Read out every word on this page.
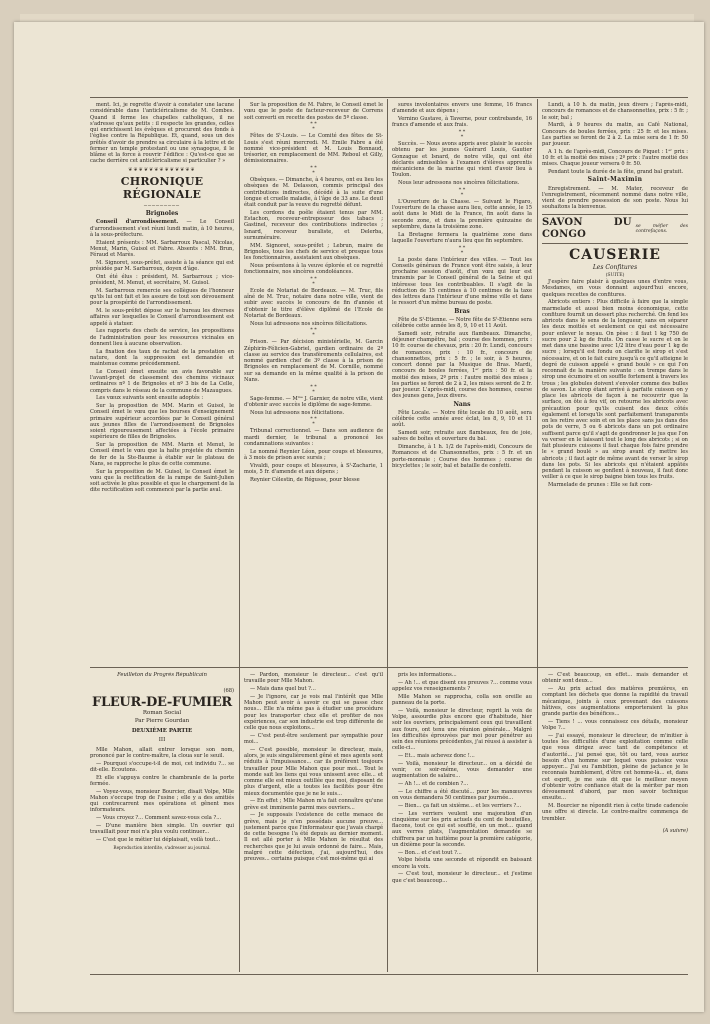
ment. Ici, je regrette d'avoir à constater une lacune considérable dans l'anticléricalisme de M. Combes. Quand il ferme les chapelles catholiques, il ne s'adresse qu'aux petits : il respecte les grandes, celles qui enrichissent les évêques et procurent des fonds à l'église contre la République. Et, quand, sous un des prêtés d'avoir de prendre sa circulaire à la lettre et de fermer un temple protestant ou une synagogue, il le blâme et la force à rouvrir l'édifice : Qu'est-ce que se cache derrière cet anticléricalisme si particulier ? »

❦❦❦❦❦❦❦❦❦❦❦❦❦
CHRONIQUE RÉGIONALE
─────────
Brignoles

Conseil d'arrondissement. — Le Conseil d'arrondissement s'est réuni lundi matin, à 10 heures, à la sous-préfecture.

Etaient présents : MM. Sarbarroux Pascal, Nicolas, Menut, Marin, Guisol et Fabre. Absents : MM. Brun, Féraud et Marès.

M. Signoret, sous-préfet, assiste à la séance qui est présidée par M. Sarbarroux, doyen d'âge.

Ont été élus : président, M. Sarbarroux ; vice-président, M. Menut, et secrétaire, M. Guisol.

M. Sarbarroux remercie ses collègues de l'honneur qu'ils lui ont fait et les assure de tout son dévouement pour la prospérité de l'arrondissement.

M. le sous-préfet dépose sur le bureau les diverses affaires sur lesquelles le Conseil d'arrondissement est appelé à statuer.

Les rapports des chefs de service, les propositions de l'administration pour les ressources vicinales en donnent lieu à aucune observation.

La fixation des taux de rachat de la prestation en nature, dont la suppression est demandée et maintenue comme précédemment.

Le Conseil émet ensuite un avis favorable sur l'avant-projet de classement des chemins vicinaux ordinaires nº 1 de Brignoles et nº 3 bis de La Celle, compris dans le réseau de la commune de Mazaugues.

Les vœux suivants sont ensuite adoptés :

Sur la proposition de MM. Marin et Guisol, le Conseil émet le vœu que les bourses d'enseignement primaire supérieur accordées par le Conseil général aux jeunes filles de l'arrondissement de Brignoles soient rigoureusement affectées à l'école primaire supérieure de filles de Brignoles.

Sur la proposition de MM. Marin et Menut, le Conseil émet le vœu que la halte projetée du chemin de fer de la Ste-Baume à établir sur le plateau de Nans, se rapproche le plus de cette commune.

Sur la proposition de M. Guisol, le Conseil émet le vœu que la rectification de la rampe de Saint-Julien soit activée le plus possible et que le chargement de la dite rectification soit commencé par la partie aval.

Sur la proposition de M. Fabre, le Conseil émet le vœu que le poste de facteur-receveur de Correns soit converti en recette des postes de 5º classe.

* *
*

Fêtes de Sᵗ-Louis. — Le Comité des fêtes de St-Louis s'est réuni mercredi. M. Emile Fabre a été nommé vice-président et M. Louis Bonnaud, trésorier, en remplacement de MM. Reboul et Gilly, démissionnaires.

* *
*

Obsèques. — Dimanche, à 4 heures, ont eu lieu les obsèques de M. Delasson, commis principal des contributions indirectes, décédé à la suite d'une longue et cruelle maladie, à l'âge de 33 ans. Le deuil était conduit par la veuve du regretté défunt.

Les cordons du poêle étaient tenus par MM. Estachon, receveur-entreposeur des tabacs ; Gastinel, receveur des contributions indirectes ; Isnard, receveur buraliste, et Delerba, surnuméraire.

MM. Signoret, sous-préfet ; Lebrun, maire de Brignoles, tous les chefs de service et presque tous les fonctionnaires, assistaient aux obsèques.

Nous présentons à la veuve éplorée et ce regretté fonctionnaire, nos sincères condoléances.

* *
*

Ecole de Notariat de Bordeaux. — M. Truc, fils aîné de M. Truc, notaire dans notre ville, vient de subir avec succès le concours de fin d'année et d'obtenir le titre d'élève diplômé de l'Ecole de Notariat de Bordeaux.

Nous lui adressons nos sincères félicitations.

* *
*

Prison. — Par décision ministérielle, M. Garcin Zéphirin-Félicien-Gabriel, gardien ordinaire de 2º classe au service des transfèrements cellulaires, est nommé gardien chef de 3º classe à la prison de Brignoles en remplacement de M. Cornille, nommé sur sa demande en la même qualité à la prison de Nans.

* *
*

Sage-femme. — Mᵐᵉ J. Garnier, de notre ville, vient d'obtenir avec succès le diplôme de sage-femme.

Nous lui adressons nos félicitations.

* *
*

Tribunal correctionnel. — Dans son audience de mardi dernier, le tribunal a prononcé les condamnations suivantes :

Le nommé Reynier Léon, pour coups et blessures, à 3 mois de prison avec sursis ;

Vivaldi, pour coups et blessures, à Sᵗ-Zacharie, 1 mois, 5 fr. d'amende et aux dépens ;

Reynier Célestin, de Régusse, pour blesse

sures involontaires envers une femme, 16 francs d'amende et aux dépens ;

Vernino Gustave, à Taverne, pour contrebande, 16 francs d'amende et aux frais.

* *
*

Succès. — Nous avons appris avec plaisir le succès obtenu par les jeunes Guérard Louis, Gautier Gonzague et Isnard, de notre ville, qui ont été déclarés admissibles à l'examen d'élèves apprentis mécaniciens de la marine qui vient d'avoir lieu à Toulon.

Nous leur adressons nos sincères félicitations.

* *
*

L'Ouverture de la Chasse. — Suivant le Figaro, l'ouverture de la chasse aura lieu, cette année, le 15 août dans le Midi de la France, fin août dans la seconde zone, et dans la première quinzaine de septembre, dans la troisième zone.

La Bretagne fermera la quatrième zone dans laquelle l'ouverture n'aura lieu que fin septembre.

* *
*

La poste dans l'intérieur des villes. — Tout les Conseils généraux de France vont être saisis, à leur prochaine session d'août, d'un vœu qui leur est transmis par le Conseil général de la Seine et qui intéresse tous les contribuables. Il s'agit de la réduction de 15 centimes à 10 centimes de la taxe des lettres dans l'intérieur d'une même ville et dans le ressort d'un même bureau de poste.

Bras

Fête de Sᵗ-Etienne. — Notre fête de Sᵗ-Etienne sera célébrée cette année les 8, 9, 10 et 11 Août.

Samedi soir, retraite aux flambeaux. Dimanche, déjeuner champêtre, bal ; course des hommes, prix : 10 fr. course de chevaux, prix : 20 fr. Lundi, concours de romances, prix : 10 fr., concours de chansonnettes, prix : 5 fr. ; le soir, à 5 heures, concert donné par la Musique de Bras. Mardi, concours de boules ferrées, 1ᵉʳ prix : 50 fr. et la moitié des mises, 2º prix : l'autre moitié des mises ; les parties se feront de 2 à 2, les mises seront de 2 fr. par joueur. L'après-midi, course des hommes, course des jeunes gens, Jeux divers.

Nans

Fête Locale. — Notre fête locale du 10 août, sera célébrée cette année avec éclat, les 8, 9, 10 et 11 août.

Samedi soir, retraite aux flambeaux, feu de joie, salves de boîtes et ouverture du bal.

Dimanche, à 1 h. 1/2 de l'après-midi, Concours de Romances et de Chansonnettes, prix : 5 fr. et un porte-monnaie ; Course des hommes ; course de bicyclettes ; le soir, bal et bataille de confetti.

Lundi, à 10 h. du matin, jeux divers ; l'après-midi, concours de romances et de chansonnettes, prix : 5 fr. ; le soir, bal ;

Mardi, à 9 heures du matin, au Café National, Concours de boules ferrées, prix : 25 fr. et les mises. Les parties se feront de 2 à 2. La mise sera de 1 fr. 50 par joueur.

A 1 h. de l'après-midi, Concours de Piquet : 1ᵉʳ prix : 10 fr. et la moitié des mises ; 2º prix : l'autre moitié des mises. Chaque joueur versera 0 fr. 50.

Pendant toute la durée de la fête, grand bal gratuit.

Saint-Maximin

Enregistrement. — M. Mater, receveur de l'enregistrement, récemment nommé dans notre ville, vient de prendre possession de son poste. Nous lui souhaitons la bienvenue.

SAVON DU CONGO
se méfier des contrefaçons.
CAUSERIE
Les Confitures
(SUITE)

J'espère faire plaisir à quelques unes d'entre vous, Mesdames, en vous donnant aujourd'hui encore, quelques recettes de confitures.

Abricots entiers : Plus difficile à faire que la simple marmelade et aussi bien moins économique, cette confiture fournit un dessert plus recherché. On fend les abricots dans le sens de la longueur, sans en séparer les deux moitiés et seulement ce qui est nécessaire pour enlever le noyau. On pèse : il faut 1 kg 750 de sucre pour 2 kg de fruits. On casse le sucre et on le met dans une bassine avec 1/2 litre d'eau pour 1 kg de sucre ; lorsqu'il est fondu on clarifie le sirop et s'est nécessaire, et on le fait cuire jusqu'à ce qu'il atteigne le degré de cuisson appelé « grand boulé » ce qui l'on reconnaît de la manière suivante : on trempe dans le sirop une écumoire et on souffle fortement à travers les trous ; les globules doivent s'envoler comme des bulles de savon. Le sirop étant arrivé à parfaite cuisson on y place les abricots de façon à ne recouvrir que la surface, on ôte à feu vif, on retourne les abricots avec précaution pour qu'ils cuisent des deux côtés également et lorsqu'ils sont parfaitement transparents on les retire avec soin et on les place sans jus dans des pots de verre, 5 ou 6 abricots dans un pot ordinaire suffisent parce qu'il s'agit de gondronner le jus que l'on va verser en le laissant tout le long des abricots ; si on fait plusieurs cuissons il faut chaque fois faire prendre le « grand boulé » au sirop avant d'y mettre les abricots ; il faut agir de même avant de verser le sirop dans les pots. Si les abricots qui n'étaient appâtés pendant la cuisson se gonflent à nouveau, il faut donc veiller à ce que le sirop baigne bien tous les fruits.

Marmelade de prunes : Elle se fait com-

Feuilleton du Progrès Républicain
(68)
FLEUR-DE-FUMIER
Roman Social
Par Pierre Gourdan
DEUXIÈME PARTIE
III

Mlle Mahon, allait entrer lorsque son nom, prononcé par le contre-maître, la cloua sur le seuil.

— Pourquoi s'occupe-t-il de moi, cet individu ?... se dit-elle. Ecoutons.

Et elle s'appuya contre le chambranle de la porte fermée.

— Voyez-vous, monsieur Bourcier, disait Volpe, Mlle Mahon s'occupe trop de l'usine ; elle y a des amitiés qui contrecarrent mes opérations et gênent mes informateurs.

— Vous croyez ?... Comment savez-vous cela ?...

— D'une manière bien simple. Un ouvrier qui travaillait pour moi n'a plus voulu continuer...

— C'est que le métier lui déplaisait, voilà tout...

Reproduction interdite, s'adresser au journal.

— Pardon, monsieur le directeur... c'est qu'il travaille pour Mlle Mahon.

— Mais dans quel but ?...

— Je l'ignore, car je vois mal l'intérêt que Mlle Mahon peut avoir à savoir ce qui se passe chez nous... Elle n'a même pas à étudier une procédure pour les transporter chez elle et profiter de nos expériences, car son industrie est trop différente de celle que nous exploitons...

— C'est peut-être seulement par sympathie pour moi...

— C'est possible, monsieur le directeur, mais, alors, je suis singulièrement gêné et mes agents sont réduits à l'impuissance... car ils préfèrent toujours travailler pour Mlle Mahon que pour moi... Tout le monde sait les liens qui vous unissent avec elle... et comme elle est mieux outillée que moi, disposant de plus d'argent, elle a toutes les facilités pour être mieux documentée que je ne le suis...

— En effet ; Mlle Mahon m'a fait connaître qu'une grève est imminente parmi mes ouvriers...

— Je supposais l'existence de cette menace de grève, mais je n'en possédais aucune preuve... justement parce que l'informateur que j'avais chargé de cette besogne l'a été depuis au dernier moment. Il est allé porter à Mlle Mahon le résultat des recherches que je lui avais ordonné de faire... Mais, malgré cette défection, j'ai, aujourd'hui, des preuves... certains puisque c'est moi-même qui ai

pris les informations...

— Ah !... et que disent ces preuves ?... comme vous appelez vos renseignements ?

Mlle Mahon se rapprocha, colla son oreille au panneau de la porte.

— Voilà, monsieur le directeur, reprit la voix de Volpe, assourdie plus encore que d'habitude, hier soir les ouvriers, principalement ceux qui travaillent aux fours, ont tenu une réunion générale... Malgré les difficultés éprouvées par moi pour pénétrer au sein des réunions précédentes, j'ai réussi à assister à celle-ci...

— Et... mais achevez donc !...

— Voilà, monsieur le directeur... on a décidé de venir, ce soir-même, vous demander une augmentation de salaire...

— Ah !... et de combien ?...

— Le chiffre a été discuté... pour les manœuvres on vous demandera 50 centimes par journée...

— Bien... ça fait un sixième... et les verriers ?...

— Les verriers veulent une majoration d'un cinquième sur les prix actuels du cent de bouteilles, flacons, tout ce qui est soufflé, en un mot... quand aux verres plats, l'augmentation demandée se chiffrera par un huitième pour la première catégorie, un dixième pour la seconde.

— Bon... et c'est tout ?...

Volpe hésita une seconde et répondit en baissant encore la voix.

— C'est tout, monsieur le directeur... et j'estime que c'est beaucoup...

— C'est beaucoup, en effet... mais demander et obtenir sont deux...

— Au prix actuel des matières premières, en comptant les déchets que donne la rapidité du travail mécanique, joints à ceux provenant des cuissons hâtives, ces augmentations emporteraient la plus grande partie des bénéfices...

— Tiens ! ... vous connaissez ces détails, monsieur Volpe ?...

— J'ai essayé, monsieur le directeur, de m'initier à toutes les difficultés d'une exploitation comme celle que vous dirigez avec tant de compétence et d'autorité... j'ai pensé que, tôt ou tard, vous auriez besoin d'un homme sur lequel vous puissiez vous appuyer... J'ai eu l'ambition, pleine de jactance je le reconnais humblement, d'être cet homme-là... et, dans cet esprit, je me suis dit que le meilleur moyen d'obtenir votre confiance était de la mériter par mon dévouement d'abord, par mon savoir technique ensuite...

M. Bourcier ne répondit rien à cette tirade cadencée une offre si directe. Le contre-maître commença de trembler.

(A suivre)
